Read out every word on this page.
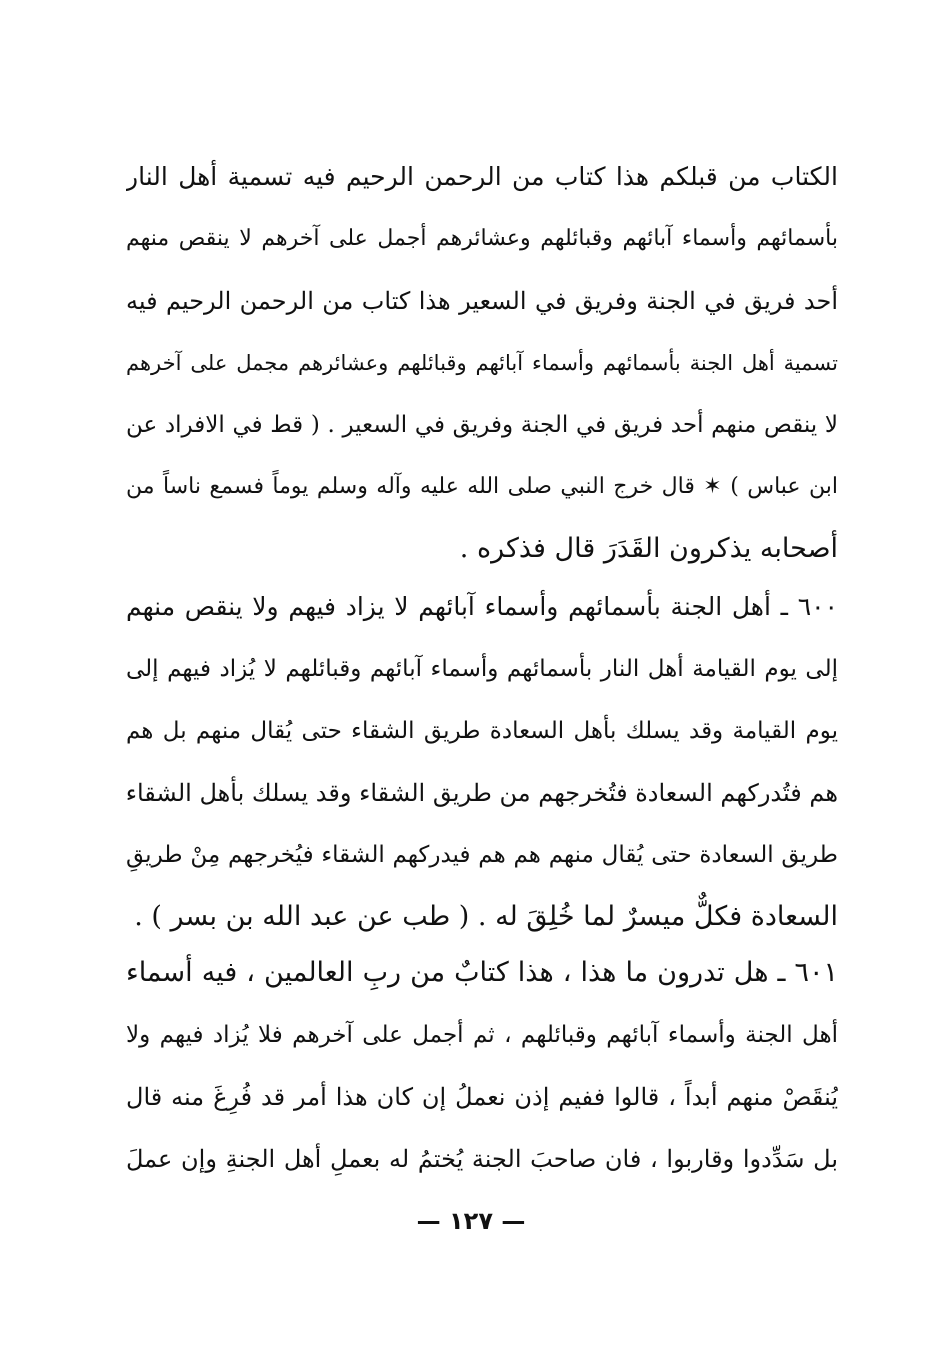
الكتاب من قبلكم هذا كتاب من الرحمن الرحيم فيه تسمية أهل النار
بأسمائهم وأسماء آبائهم وقبائلهم وعشائرهم أجمل على آخرهم لا ينقص منهم
أحد فريق في الجنة وفريق في السعير هذا كتاب من الرحمن الرحيم فيه
تسمية أهل الجنة بأسمائهم وأسماء آبائهم وقبائلهم وعشائرهم مجمل على آخرهم
لا ينقص منهم أحد فريق في الجنة وفريق في السعير . ( قط في الافراد عن
ابن عباس ) ✶ قال خرج النبي صلى الله عليه وآله وسلم يوماً فسمع ناساً من
أصحابه يذكرون القَدَرَ قال فذكره .
٦٠٠ ـ أهل الجنة بأسمائهم وأسماء آبائهم لا يزاد فيهم ولا ينقص منهم
إلى يوم القيامة أهل النار بأسمائهم وأسماء آبائهم وقبائلهم لا يُزاد فيهم إلى
يوم القيامة وقد يسلك بأهل السعادة طريق الشقاء حتى يُقال منهم بل هم
هم فتُدركهم السعادة فتُخرجهم من طريق الشقاء وقد يسلك بأهل الشقاء
طريق السعادة حتى يُقال منهم هم هم فيدركهم الشقاء فيُخرجهم مِنْ طريقِ
السعادة فكلٌّ ميسرٌ لما خُلِقَ له . ( طب عن عبد الله بن بسر ) .
٦٠١ ـ هل تدرون ما هذا ، هذا كتابٌ من ربِ العالمين ، فيه أسماء
أهل الجنة وأسماء آبائهم وقبائلهم ، ثم أجمل على آخرهم فلا يُزاد فيهم ولا
يُنقَصْ منهم أبداً ، قالوا ففيم إذن نعملُ إن كان هذا أمر قد فُرِغَ منه قال
بل سَدِّدوا وقاربوا ، فان صاحبَ الجنة يُختمُ له بعملِ أهل الجنةِ وإن عملَ
— ١٢٧ —
